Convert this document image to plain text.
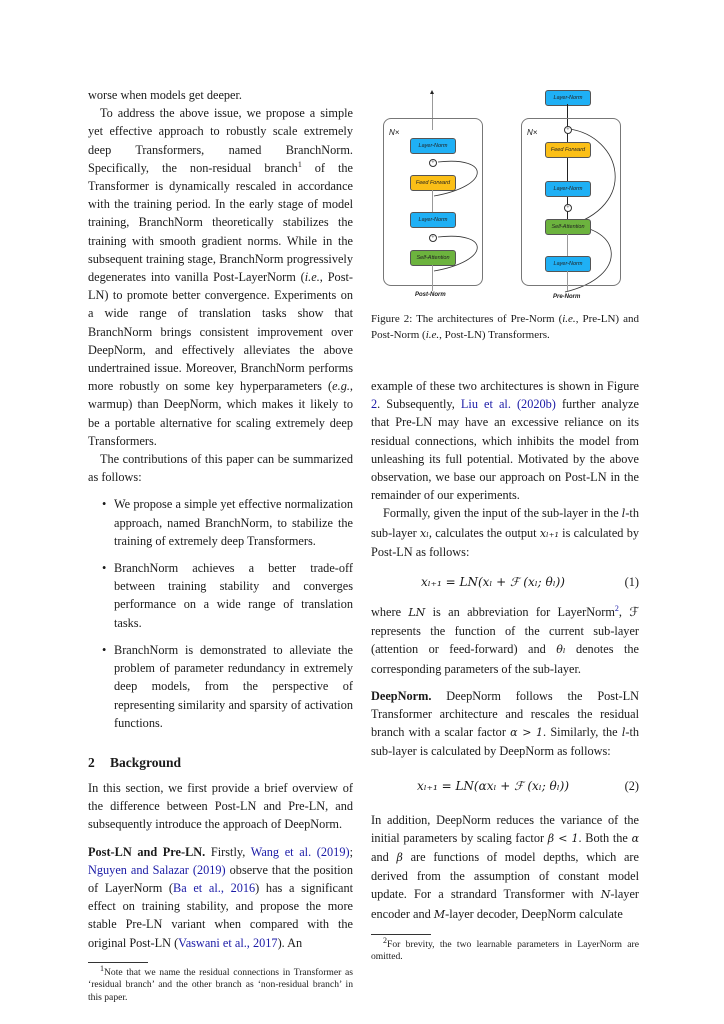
worse when models get deeper.

To address the above issue, we propose a simple yet effective approach to robustly scale extremely deep Transformers, named BranchNorm. Specifically, the non-residual branch$^1$ of the Transformer is dynamically rescaled in accordance with the training period. In the early stage of model training, BranchNorm theoretically stabilizes the training with smooth gradient norms. While in the subsequent training stage, BranchNorm progressively degenerates into vanilla Post-LayerNorm (i.e., Post-LN) to promote better convergence. Experiments on a wide range of translation tasks show that BranchNorm brings consistent improvement over DeepNorm, and effectively alleviates the above undertrained issue. Moreover, BranchNorm performs more robustly on some key hyperparameters (e.g., warmup) than DeepNorm, which makes it likely to be a portable alternative for scaling extremely deep Transformers.

The contributions of this paper can be summarized as follows:

• We propose a simple yet effective normalization approach, named BranchNorm, to stabilize the training of extremely deep Transformers.
• BranchNorm achieves a better trade-off between training stability and converges performance on a wide range of translation tasks.
• BranchNorm is demonstrated to alleviate the problem of parameter redundancy in extremely deep models, from the perspective of representing similarity and sparsity of activation functions.
2 Background

In this section, we first provide a brief overview of the difference between Post-LN and Pre-LN, and subsequently introduce the approach of DeepNorm.

Post-LN and Pre-LN. Firstly, Wang et al. (2019); Nguyen and Salazar (2019) observe that the position of LayerNorm (Ba et al., 2016) has a significant effect on training stability, and propose the more stable Pre-LN variant when compared with the original Post-LN (Vaswani et al., 2017). An

$^1$Note that we name the residual connections in Transformer as ‘residual branch’ and the other branch as ‘non-residual branch’ in this paper.

N×
Layer-Norm
+
Feed Forward
Layer-Norm
+
Self-Attention
Post-Norm
Layer-Norm
N×	+
Feed Forward
Layer-Norm
+
Self-Attention
Layer-Norm
Pre-Norm

Figure 2: The architectures of Pre-Norm (i.e., Pre-LN) and Post-Norm (i.e., Post-LN) Transformers.

example of these two architectures is shown in Figure 2. Subsequently, Liu et al. (2020b) further analyze that Pre-LN may have an excessive reliance on its residual connections, which inhibits the model from unleashing its full potential. Motivated by the above observation, we base our approach on Post-LN in the remainder of our experiments.

Formally, given the input of the sub-layer in the l-th sub-layer xₗ, calculates the output xₗ₊₁ is calculated by Post-LN as follows:

xₗ₊₁ = LN(xₗ + ℱ (xₗ; θₗ))	(1)

where LN is an abbreviation for LayerNorm$^2$, ℱ represents the function of the current sub-layer (attention or feed-forward) and θₗ denotes the corresponding parameters of the sub-layer.

DeepNorm. DeepNorm follows the Post-LN Transformer architecture and rescales the residual branch with a scalar factor α > 1. Similarly, the l-th sub-layer is calculated by DeepNorm as follows:

xₗ₊₁ = LN(αxₗ + ℱ (xₗ; θₗ))	(2)

In addition, DeepNorm reduces the variance of the initial parameters by scaling factor β < 1. Both the α and β are functions of model depths, which are derived from the assumption of constant model update. For a strandard Transformer with N-layer encoder and M-layer decoder, DeepNorm calculate

$^2$For brevity, the two learnable parameters in LayerNorm are omitted.
